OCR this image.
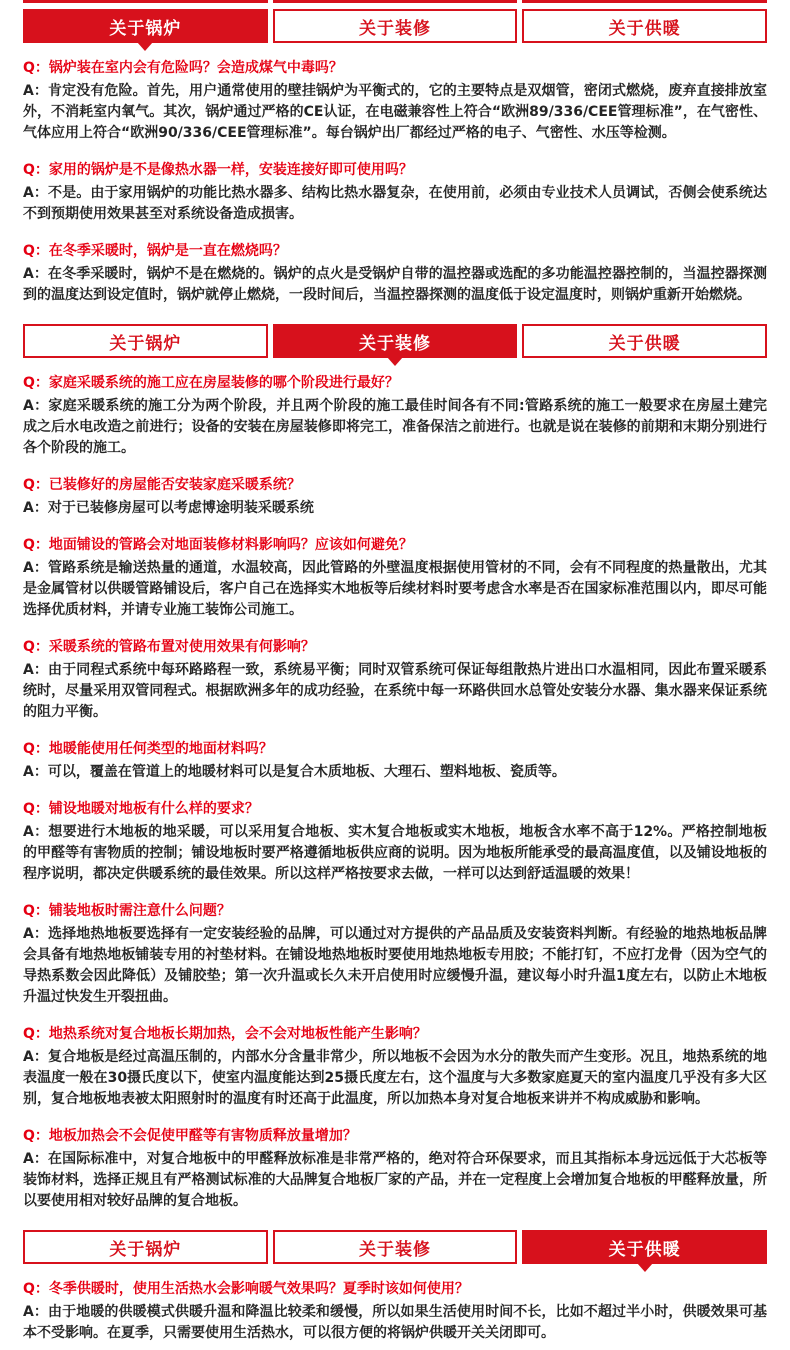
关于锅炉	关于装修	关于供暖

Q：锅炉装在室内会有危险吗？会造成煤气中毒吗？

A：肯定没有危险。首先，用户通常使用的壁挂锅炉为平衡式的，它的主要特点是双烟管，密闭式燃烧，废弃直接排放室外，不消耗室内氧气。其次，锅炉通过严格的CE认证，在电磁兼容性上符合“欧洲89/336/CEE管理标准”，在气密性、气体应用上符合“欧洲90/336/CEE管理标准”。每台锅炉出厂都经过严格的电子、气密性、水压等检测。

Q：家用的锅炉是不是像热水器一样，安装连接好即可使用吗？

A：不是。由于家用锅炉的功能比热水器多、结构比热水器复杂，在使用前，必须由专业技术人员调试，否侧会使系统达不到预期使用效果甚至对系统设备造成损害。

Q：在冬季采暖时，锅炉是一直在燃烧吗？

A：在冬季采暖时，锅炉不是在燃烧的。锅炉的点火是受锅炉自带的温控器或选配的多功能温控器控制的，当温控器探测到的温度达到设定值时，锅炉就停止燃烧，一段时间后，当温控器探测的温度低于设定温度时，则锅炉重新开始燃烧。

关于锅炉	关于装修	关于供暖

Q：家庭采暖系统的施工应在房屋装修的哪个阶段进行最好？

A：家庭采暖系统的施工分为两个阶段，并且两个阶段的施工最佳时间各有不同:管路系统的施工一般要求在房屋土建完成之后水电改造之前进行；设备的安装在房屋装修即将完工，准备保洁之前进行。也就是说在装修的前期和末期分别进行各个阶段的施工。

Q：已装修好的房屋能否安装家庭采暖系统？

A：对于已装修房屋可以考虑博途明装采暖系统

Q：地面铺设的管路会对地面装修材料影响吗？应该如何避免？

A：管路系统是输送热量的通道，水温较高，因此管路的外壁温度根据使用管材的不同，会有不同程度的热量散出，尤其是金属管材以供暖管路铺设后，客户自己在选择实木地板等后续材料时要考虑含水率是否在国家标准范围以内，即尽可能选择优质材料，并请专业施工装饰公司施工。

Q：采暖系统的管路布置对使用效果有何影响？

A：由于同程式系统中每环路路程一致，系统易平衡；同时双管系统可保证每组散热片进出口水温相同，因此布置采暖系统时，尽量采用双管同程式。根据欧洲多年的成功经验，在系统中每一环路供回水总管处安装分水器、集水器来保证系统的阻力平衡。

Q：地暖能使用任何类型的地面材料吗？

A：可以，覆盖在管道上的地暖材料可以是复合木质地板、大理石、塑料地板、瓷质等。

Q：铺设地暖对地板有什么样的要求？

A：想要进行木地板的地采暖，可以采用复合地板、实木复合地板或实木地板，地板含水率不高于12%。严格控制地板的甲醛等有害物质的控制；铺设地板时要严格遵循地板供应商的说明。因为地板所能承受的最高温度值，以及铺设地板的程序说明，都决定供暖系统的最佳效果。所以这样严格按要求去做，一样可以达到舒适温暖的效果！

Q：铺装地板时需注意什么问题？

A：选择地热地板要选择有一定安装经验的品牌，可以通过对方提供的产品品质及安装资料判断。有经验的地热地板品牌会具备有地热地板铺装专用的衬垫材料。在铺设地热地板时要使用地热地板专用胶；不能打钉，不应打龙骨（因为空气的导热系数会因此降低）及铺胶垫；第一次升温或长久未开启使用时应缓慢升温，建议每小时升温1度左右，以防止木地板升温过快发生开裂扭曲。

Q：地热系统对复合地板长期加热，会不会对地板性能产生影响？

A：复合地板是经过高温压制的，内部水分含量非常少，所以地板不会因为水分的散失而产生变形。况且，地热系统的地表温度一般在30摄氏度以下，使室内温度能达到25摄氏度左右，这个温度与大多数家庭夏天的室内温度几乎没有多大区别，复合地板地表被太阳照射时的温度有时还高于此温度，所以加热本身对复合地板来讲并不构成威胁和影响。

Q：地板加热会不会促使甲醛等有害物质释放量增加？

A：在国际标准中，对复合地板中的甲醛释放标准是非常严格的，绝对符合环保要求，而且其指标本身远远低于大芯板等装饰材料，选择正规且有严格测试标准的大品牌复合地板厂家的产品，并在一定程度上会增加复合地板的甲醛释放量，所以要使用相对较好品牌的复合地板。

关于锅炉	关于装修	关于供暖

Q：冬季供暖时，使用生活热水会影响暖气效果吗？夏季时该如何使用？

A：由于地暖的供暖模式供暖升温和降温比较柔和缓慢，所以如果生活使用时间不长，比如不超过半小时，供暖效果可基本不受影响。在夏季，只需要使用生活热水，可以很方便的将锅炉供暖开关关闭即可。
